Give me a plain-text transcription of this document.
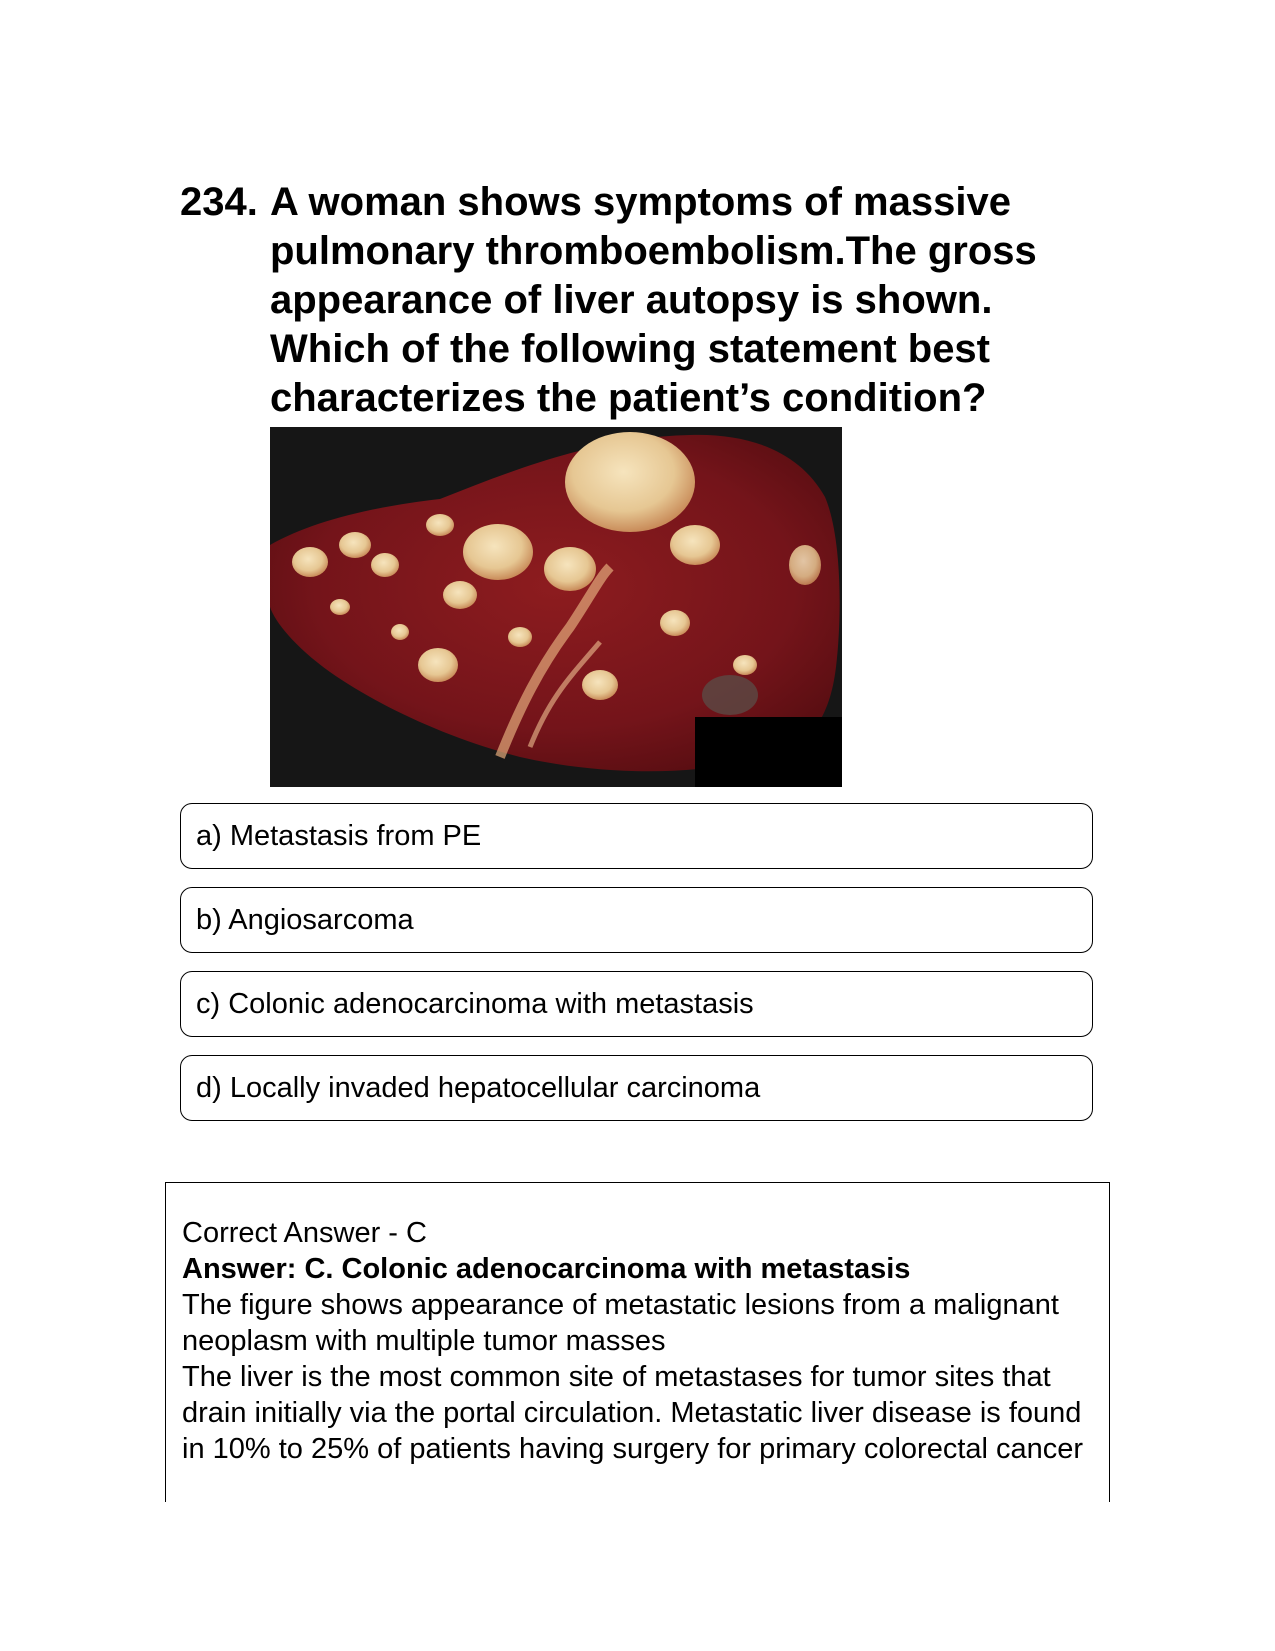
234. A woman shows symptoms of massive pulmonary thromboembolism.The gross appearance of liver autopsy is shown. Which of the following statement best characterizes the patient’s condition?

a) Metastasis from PE
b) Angiosarcoma
c) Colonic adenocarcinoma with metastasis
d) Locally invaded hepatocellular carcinoma

Correct Answer - C

Answer: C. Colonic adenocarcinoma with metastasis

The figure shows appearance of metastatic lesions from a malignant neoplasm with multiple tumor masses

The liver is the most common site of metastases for tumor sites that drain initially via the portal circulation. Metastatic liver disease is found in 10% to 25% of patients having surgery for primary colorectal cancer
